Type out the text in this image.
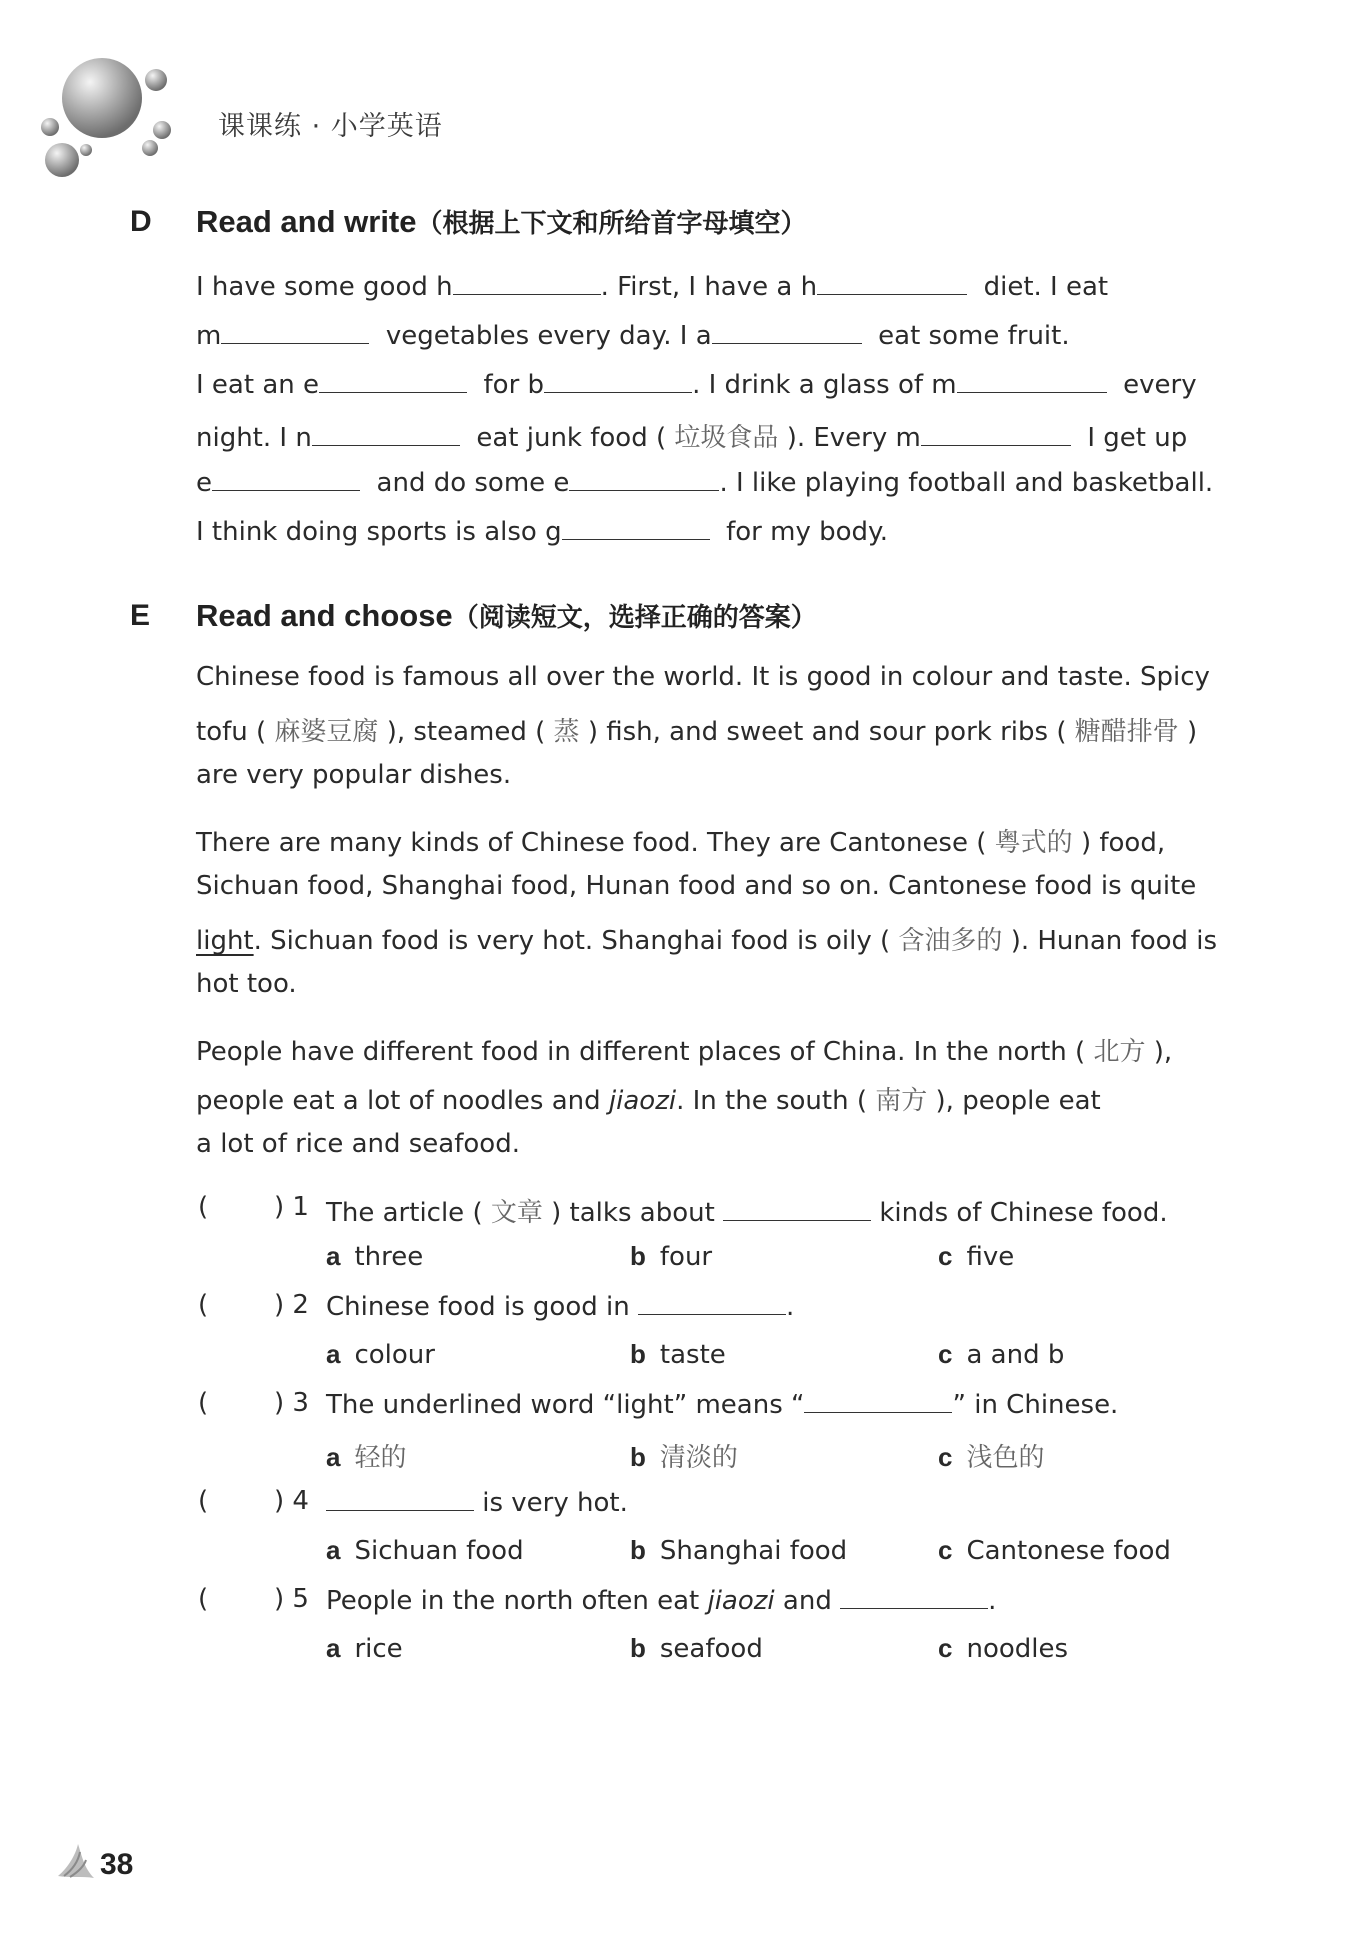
课课练 · 小学英语
D Read and write（根据上下文和所给首字母填空）
I have some good h	. First, I have a h	diet. I eat
m	vegetables every day. I a	eat some fruit.
I eat an e	for b	. I drink a glass of m	every
night. I n	eat junk food ( 垃圾食品 ). Every m	I get up
e	and do some e	. I like playing football and basketball.
I think doing sports is also g	for my body.
E Read and choose（阅读短文，选择正确的答案）
Chinese food is famous all over the world. It is good in colour and taste. Spicy
tofu ( 麻婆豆腐 ), steamed ( 蒸 ) fish, and sweet and sour pork ribs ( 糖醋排骨 )
are very popular dishes.
There are many kinds of Chinese food. They are Cantonese ( 粤式的 ) food,
Sichuan food, Shanghai food, Hunan food and so on. Cantonese food is quite
light. Sichuan food is very hot. Shanghai food is oily ( 含油多的 ). Hunan food is
hot too.
People have different food in different places of China. In the north ( 北方 ),
people eat a lot of noodles and jiaozi. In the south ( 南方 ), people eat
a lot of rice and seafood.
(	) 1 The article ( 文章 ) talks about	kinds of Chinese food.
a three	b four	c five
(	) 2 Chinese food is good in	.
a colour	b taste	c a and b
(	) 3 The underlined word “light” means “	” in Chinese.
a 轻的	b 清淡的	c 浅色的
(	) 4	is very hot.
a Sichuan food	b Shanghai food	c Cantonese food
(	) 5 People in the north often eat jiaozi and	.
a rice	b seafood	c noodles
38
